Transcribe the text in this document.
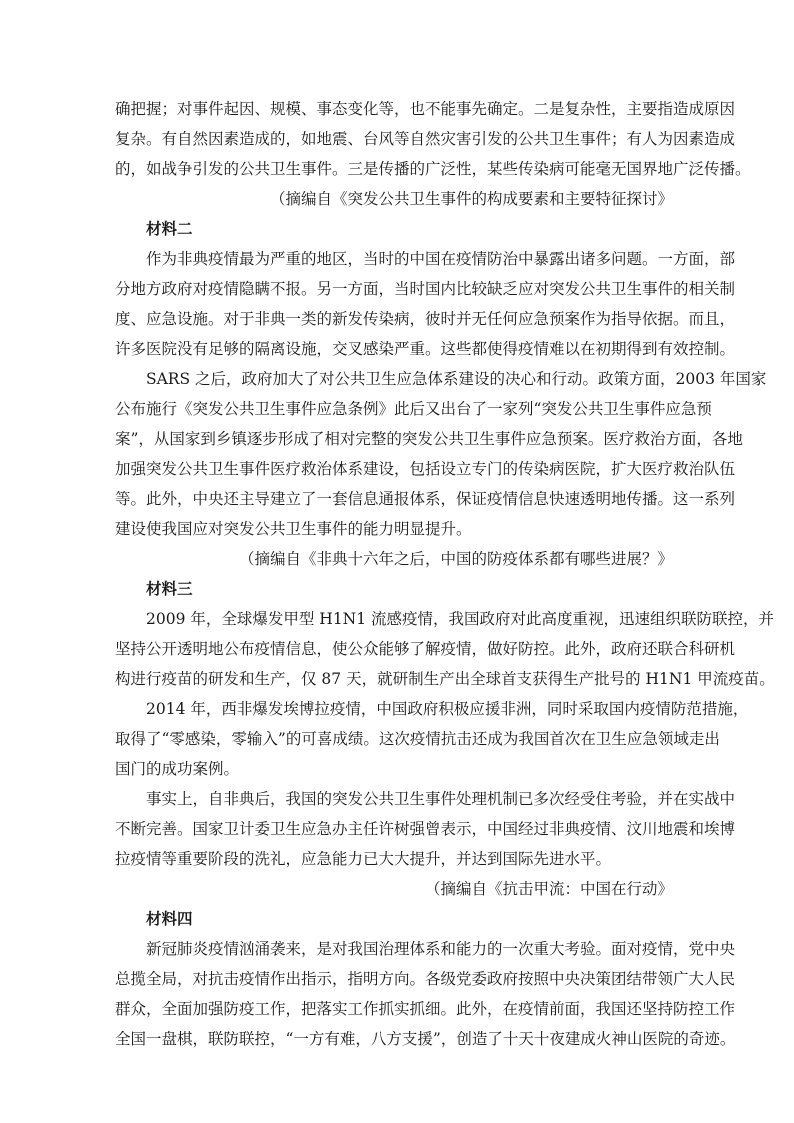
确把握；对事件起因、规模、事态变化等，也不能事先确定。二是复杂性，主要指造成原因
复杂。有自然因素造成的，如地震、台风等自然灾害引发的公共卫生事件；有人为因素造成
的，如战争引发的公共卫生事件。三是传播的广泛性，某些传染病可能毫无国界地广泛传播。
（摘编自《突发公共卫生事件的构成要素和主要特征探讨》
材料二
作为非典疫情最为严重的地区，当时的中国在疫情防治中暴露出诸多问题。一方面，部
分地方政府对疫情隐瞒不报。另一方面，当时国内比较缺乏应对突发公共卫生事件的相关制
度、应急设施。对于非典一类的新发传染病，彼时并无任何应急预案作为指导依据。而且，
许多医院没有足够的隔离设施，交叉感染严重。这些都使得疫情难以在初期得到有效控制。
SARS 之后，政府加大了对公共卫生应急体系建设的决心和行动。政策方面，2003 年国家
公布施行《突发公共卫生事件应急条例》此后又出台了一家列“突发公共卫生事件应急预
案”，从国家到乡镇逐步形成了相对完整的突发公共卫生事件应急预案。医疗救治方面，各地
加强突发公共卫生事件医疗救治体系建设，包括设立专门的传染病医院，扩大医疗救治队伍
等。此外，中央还主导建立了一套信息通报体系，保证疫情信息快速透明地传播。这一系列
建设使我国应对突发公共卫生事件的能力明显提升。
（摘编自《非典十六年之后，中国的防疫体系都有哪些进展？》
材料三
2009 年，全球爆发甲型 H1N1 流感疫情，我国政府对此高度重视，迅速组织联防联控，并
坚持公开透明地公布疫情信息，使公众能够了解疫情，做好防控。此外，政府还联合科研机
构进行疫苗的研发和生产，仅 87 天，就研制生产出全球首支获得生产批号的 H1N1 甲流疫苗。
2014 年，西非爆发埃博拉疫情，中国政府积极应援非洲，同时采取国内疫情防范措施，
取得了“零感染，零输入”的可喜成绩。这次疫情抗击还成为我国首次在卫生应急领域走出
国门的成功案例。
事实上，自非典后，我国的突发公共卫生事件处理机制已多次经受住考验，并在实战中
不断完善。国家卫计委卫生应急办主任许树强曾表示，中国经过非典疫情、汶川地震和埃博
拉疫情等重要阶段的洗礼，应急能力已大大提升，并达到国际先进水平。
（摘编自《抗击甲流：中国在行动》
材料四
新冠肺炎疫情汹涌袭来，是对我国治理体系和能力的一次重大考验。面对疫情，党中央
总揽全局，对抗击疫情作出指示，指明方向。各级党委政府按照中央决策团结带领广大人民
群众，全面加强防疫工作，把落实工作抓实抓细。此外，在疫情前面，我国还坚持防控工作
全国一盘棋，联防联控，“一方有难，八方支援”，创造了十天十夜建成火神山医院的奇迹。
